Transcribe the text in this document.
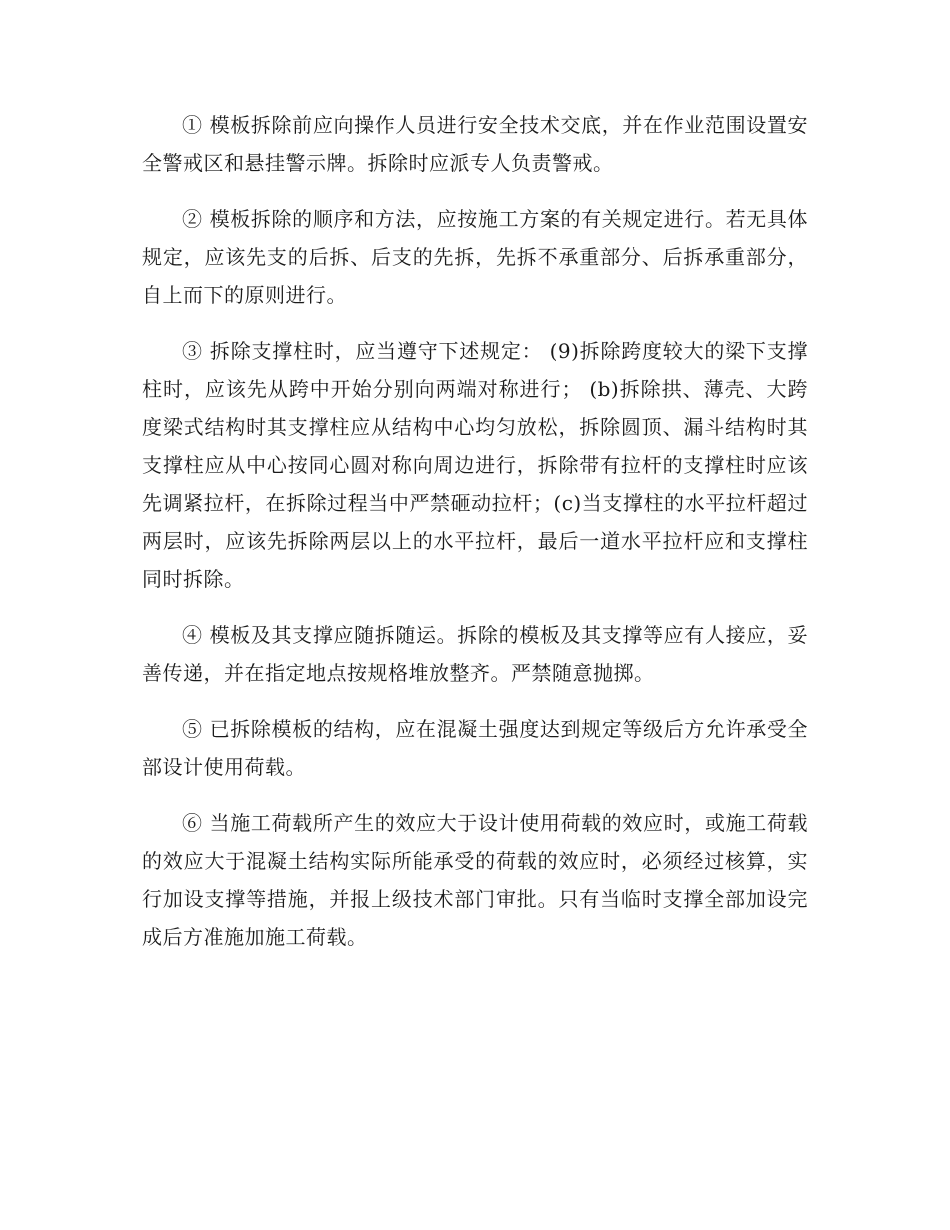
① 模板拆除前应向操作人员进行安全技术交底，并在作业范围设置安全警戒区和悬挂警示牌。拆除时应派专人负责警戒。

② 模板拆除的顺序和方法，应按施工方案的有关规定进行。若无具体规定，应该先支的后拆、后支的先拆，先拆不承重部分、后拆承重部分，自上而下的原则进行。

③ 拆除支撑柱时，应当遵守下述规定： (9)拆除跨度较大的梁下支撑柱时，应该先从跨中开始分别向两端对称进行； (b)拆除拱、薄壳、大跨度梁式结构时其支撑柱应从结构中心均匀放松，拆除圆顶、漏斗结构时其支撑柱应从中心按同心圆对称向周边进行，拆除带有拉杆的支撑柱时应该先调紧拉杆，在拆除过程当中严禁砸动拉杆；(c)当支撑柱的水平拉杆超过两层时，应该先拆除两层以上的水平拉杆，最后一道水平拉杆应和支撑柱同时拆除。

④ 模板及其支撑应随拆随运。拆除的模板及其支撑等应有人接应，妥善传递，并在指定地点按规格堆放整齐。严禁随意抛掷。

⑤ 已拆除模板的结构，应在混凝土强度达到规定等级后方允许承受全部设计使用荷载。

⑥ 当施工荷载所产生的效应大于设计使用荷载的效应时，或施工荷载的效应大于混凝土结构实际所能承受的荷载的效应时，必须经过核算，实行加设支撑等措施，并报上级技术部门审批。只有当临时支撑全部加设完成后方准施加施工荷载。
